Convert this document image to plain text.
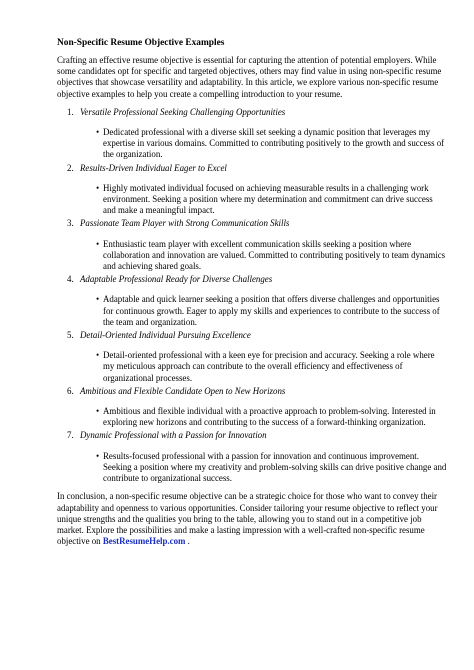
Non-Specific Resume Objective Examples

Crafting an effective resume objective is essential for capturing the attention of potential employers. While some candidates opt for specific and targeted objectives, others may find value in using non-specific resume objectives that showcase versatility and adaptability. In this article, we explore various non-specific resume objective examples to help you create a compelling introduction to your resume.

1. Versatile Professional Seeking Challenging Opportunities
• Dedicated professional with a diverse skill set seeking a dynamic position that leverages my expertise in various domains. Committed to contributing positively to the growth and success of the organization.
2. Results-Driven Individual Eager to Excel
• Highly motivated individual focused on achieving measurable results in a challenging work environment. Seeking a position where my determination and commitment can drive success and make a meaningful impact.
3. Passionate Team Player with Strong Communication Skills
• Enthusiastic team player with excellent communication skills seeking a position where collaboration and innovation are valued. Committed to contributing positively to team dynamics and achieving shared goals.
4. Adaptable Professional Ready for Diverse Challenges
• Adaptable and quick learner seeking a position that offers diverse challenges and opportunities for continuous growth. Eager to apply my skills and experiences to contribute to the success of the team and organization.
5. Detail-Oriented Individual Pursuing Excellence
• Detail-oriented professional with a keen eye for precision and accuracy. Seeking a role where my meticulous approach can contribute to the overall efficiency and effectiveness of organizational processes.
6. Ambitious and Flexible Candidate Open to New Horizons
• Ambitious and flexible individual with a proactive approach to problem-solving. Interested in exploring new horizons and contributing to the success of a forward-thinking organization.
7. Dynamic Professional with a Passion for Innovation
• Results-focused professional with a passion for innovation and continuous improvement. Seeking a position where my creativity and problem-solving skills can drive positive change and contribute to organizational success.

In conclusion, a non-specific resume objective can be a strategic choice for those who want to convey their adaptability and openness to various opportunities. Consider tailoring your resume objective to reflect your unique strengths and the qualities you bring to the table, allowing you to stand out in a competitive job market. Explore the possibilities and make a lasting impression with a well-crafted non-specific resume objective on BestResumeHelp.com .
